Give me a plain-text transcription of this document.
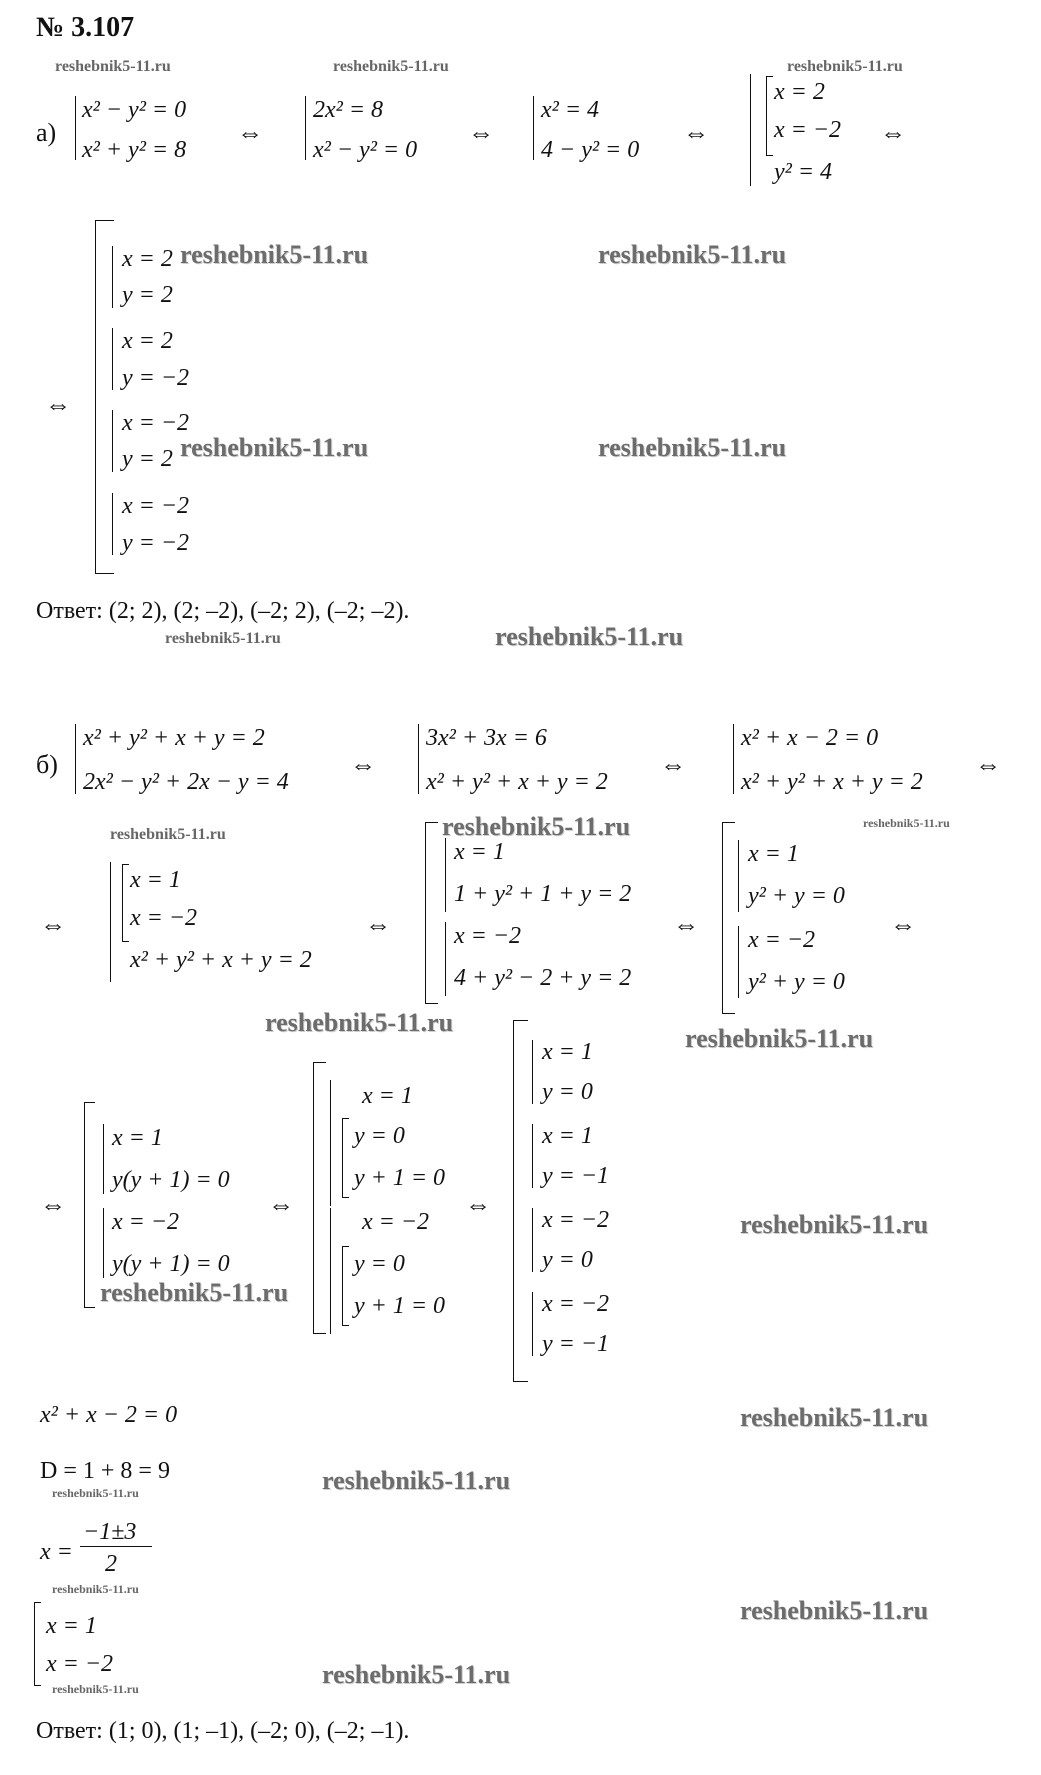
№ 3.107
reshebnik5-11.ru	reshebnik5-11.ru	reshebnik5-11.ru
а)
x² − y² = 0
x² + y² = 8
⇔
2x² = 8
x² − y² = 0
⇔
x² = 4
4 − y² = 0
⇔
x = 2
x = −2
y² = 4
⇔
⇔
x = 2
y = 2
x = 2
y = −2
x = −2
y = 2
x = −2
y = −2
reshebnik5-11.ru	reshebnik5-11.ru
reshebnik5-11.ru	reshebnik5-11.ru
Ответ: (2; 2), (2; –2), (–2; 2), (–2; –2).
reshebnik5-11.ru	reshebnik5-11.ru
б)
x² + y² + x + y = 2
2x² − y² + 2x − y = 4
⇔
3x² + 3x = 6
x² + y² + x + y = 2
⇔
x² + x − 2 = 0
x² + y² + x + y = 2
⇔
reshebnik5-11.ru	reshebnik5-11.ru	reshebnik5-11.ru
⇔
x = 1
x = −2
x² + y² + x + y = 2
⇔
x = 1
1 + y² + 1 + y = 2
x = −2
4 + y² − 2 + y = 2
⇔
x = 1
y² + y = 0
x = −2
y² + y = 0
⇔
reshebnik5-11.ru
reshebnik5-11.ru
⇔
x = 1
y(y + 1) = 0
x = −2
y(y + 1) = 0
⇔
x = 1
y = 0
y + 1 = 0
x = −2
y = 0
y + 1 = 0
⇔
x = 1
y = 0
x = 1
y = −1
x = −2
y = 0
x = −2
y = −1
reshebnik5-11.ru
reshebnik5-11.ru
x² + x − 2 = 0	reshebnik5-11.ru
D = 1 + 8 = 9
reshebnik5-11.ru	reshebnik5-11.ru
x =
−1±3
2
reshebnik5-11.ru
reshebnik5-11.ru
x = 1
x = −2
reshebnik5-11.ru	reshebnik5-11.ru
Ответ: (1; 0), (1; –1), (–2; 0), (–2; –1).
